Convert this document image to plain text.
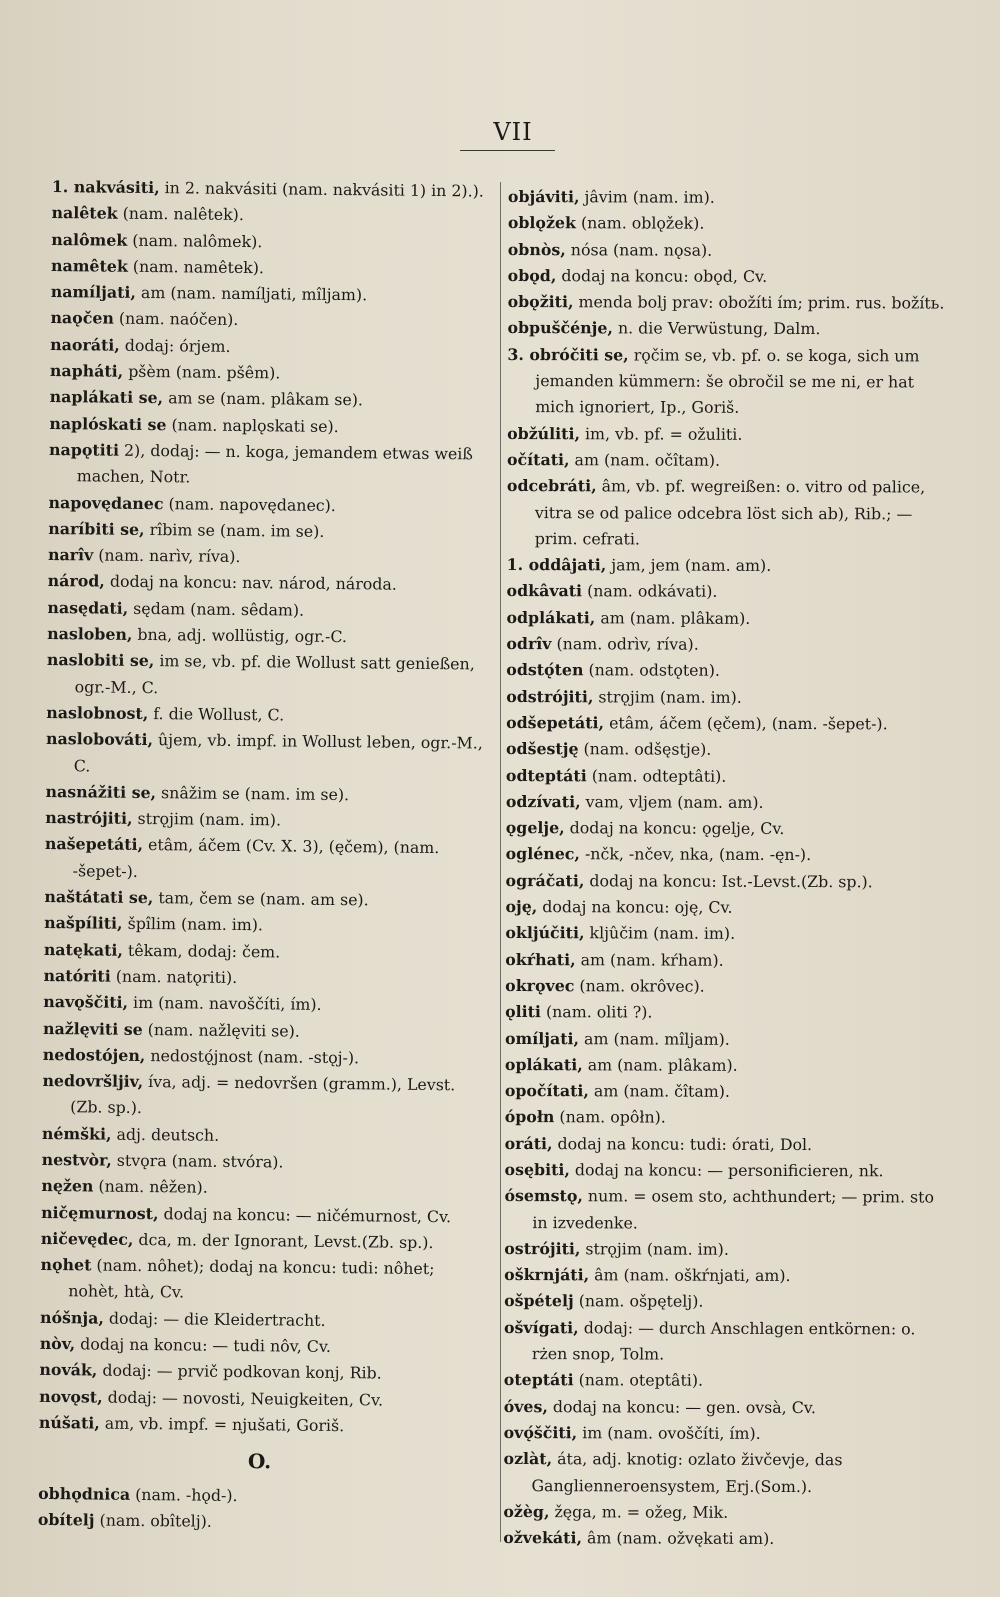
VII

1. nakvásiti, in 2. nakvásiti (nam. nakvásiti 1) in 2).).

nalêtek (nam. nalêtek).

nalômek (nam. nalômek).

namêtek (nam. namêtek).

namíljati, am (nam. namíljati, mîljam).

naǫčen (nam. naóčen).

naoráti, dodaj: órjem.

napháti, pšèm (nam. pšêm).

naplákati se, am se (nam. plâkam se).

naplóskati se (nam. naplǫskati se).

napǫtiti 2), dodaj: — n. koga, jemandem etwas weiß machen, Notr.

napovędanec (nam. napovędanec).

naríbiti se, rîbim se (nam. im se).

narîv (nam. narìv, ríva).

národ, dodaj na koncu: nav. národ, národa.

nasędati, sędam (nam. sêdam).

nasloben, bna, adj. wollüstig, ogr.-C.

naslobiti se, im se, vb. pf. die Wollust satt genießen, ogr.-M., C.

naslobnost, f. die Wollust, C.

naslobováti, ûjem, vb. impf. in Wollust leben, ogr.-M., C.

nasnážiti se, snâžim se (nam. im se).

nastrójiti, strǫjim (nam. im).

našepetáti, etâm, áčem (Cv. X. 3), (ęčem), (nam. -šepet-).

naštátati se, tam, čem se (nam. am se).

našpíliti, špîlim (nam. im).

natękati, têkam, dodaj: čem.

natóriti (nam. natǫriti).

navǫščiti, im (nam. navoščíti, ím).

nažlęviti se (nam. nažlęviti se).

nedostójen, nedostǫ́jnost (nam. -stǫj-).

nedovršljiv, íva, adj. = nedovršen (gramm.), Levst.(Zb. sp.).

némški, adj. deutsch.

nestvòr, stvǫra (nam. stvóra).

nęžen (nam. nêžen).

ničęmurnost, dodaj na koncu: — ničémurnost, Cv.

ničevędec, dca, m. der Ignorant, Levst.(Zb. sp.).

nǫhet (nam. nôhet); dodaj na koncu: tudi: nôhet; nohèt, htà, Cv.

nóšnja, dodaj: — die Kleidertracht.

nòv, dodaj na koncu: — tudi nôv, Cv.

novák, dodaj: — prvič podkovan konj, Rib.

novǫst, dodaj: — novosti, Neuigkeiten, Cv.

núšati, am, vb. impf. = njušati, Goriš.

O.

obhǫdnica (nam. -hǫd-).

obítelj (nam. obîtelj).

objáviti, jâvim (nam. im).

oblǫžek (nam. oblǫžek).

obnòs, nósa (nam. nǫsa).

obǫd, dodaj na koncu: obǫd, Cv.

obǫžiti, menda bolj prav: obožíti ím; prim. rus. božítь.

obpuščénje, n. die Verwüstung, Dalm.

3. obróčiti se, rǫčim se, vb. pf. o. se koga, sich um jemanden kümmern: še obročil se me ni, er hat mich ignoriert, Ip., Goriš.

obžúliti, im, vb. pf. = ožuliti.

očítati, am (nam. očîtam).

odcebráti, âm, vb. pf. wegreißen: o. vitro od palice, vitra se od palice odcebra löst sich ab), Rib.; — prim. cefrati.

1. oddâjati, jam, jem (nam. am).

odkâvati (nam. odkávati).

odplákati, am (nam. plâkam).

odrîv (nam. odrìv, ríva).

odstǫ́ten (nam. odstǫten).

odstrójiti, strǫjim (nam. im).

odšepetáti, etâm, áčem (ęčem), (nam. -šepet-).

odšestję (nam. odšęstje).

odteptáti (nam. odteptâti).

odzívati, vam, vljem (nam. am).

ǫgelje, dodaj na koncu: ǫgelje, Cv.

oglénec, -nčk, -nčev, nka, (nam. -ęn-).

ográčati, dodaj na koncu: Ist.-Levst.(Zb. sp.).

oję, dodaj na koncu: oję, Cv.

okljúčiti, kljûčim (nam. im).

okŕhati, am (nam. kŕham).

okrǫvec (nam. okrôvec).

ǫliti (nam. oliti ?).

omíljati, am (nam. mîljam).

oplákati, am (nam. plâkam).

opočítati, am (nam. čîtam).

ópołn (nam. opôłn).

oráti, dodaj na koncu: tudi: órati, Dol.

osębiti, dodaj na koncu: — personificieren, nk.

ósemstǫ, num. = osem sto, achthundert; — prim. sto in izvedenke.

ostrójiti, strǫjim (nam. im).

oškrnjáti, âm (nam. oškŕnjati, am).

ošpételj (nam. ošpętelj).

ošvígati, dodaj: — durch Anschlagen entkörnen: o. rżen snop, Tolm.

oteptáti (nam. oteptâti).

óves, dodaj na koncu: — gen. ovsà, Cv.

ovǫ́ščiti, im (nam. ovoščíti, ím).

ozlàt, áta, adj. knotig: ozlato živčevje, das Ganglienneroensystem, Erj.(Som.).

ožèg, žęga, m. = ožeg, Mik.

ožvekáti, âm (nam. ožvękati am).
